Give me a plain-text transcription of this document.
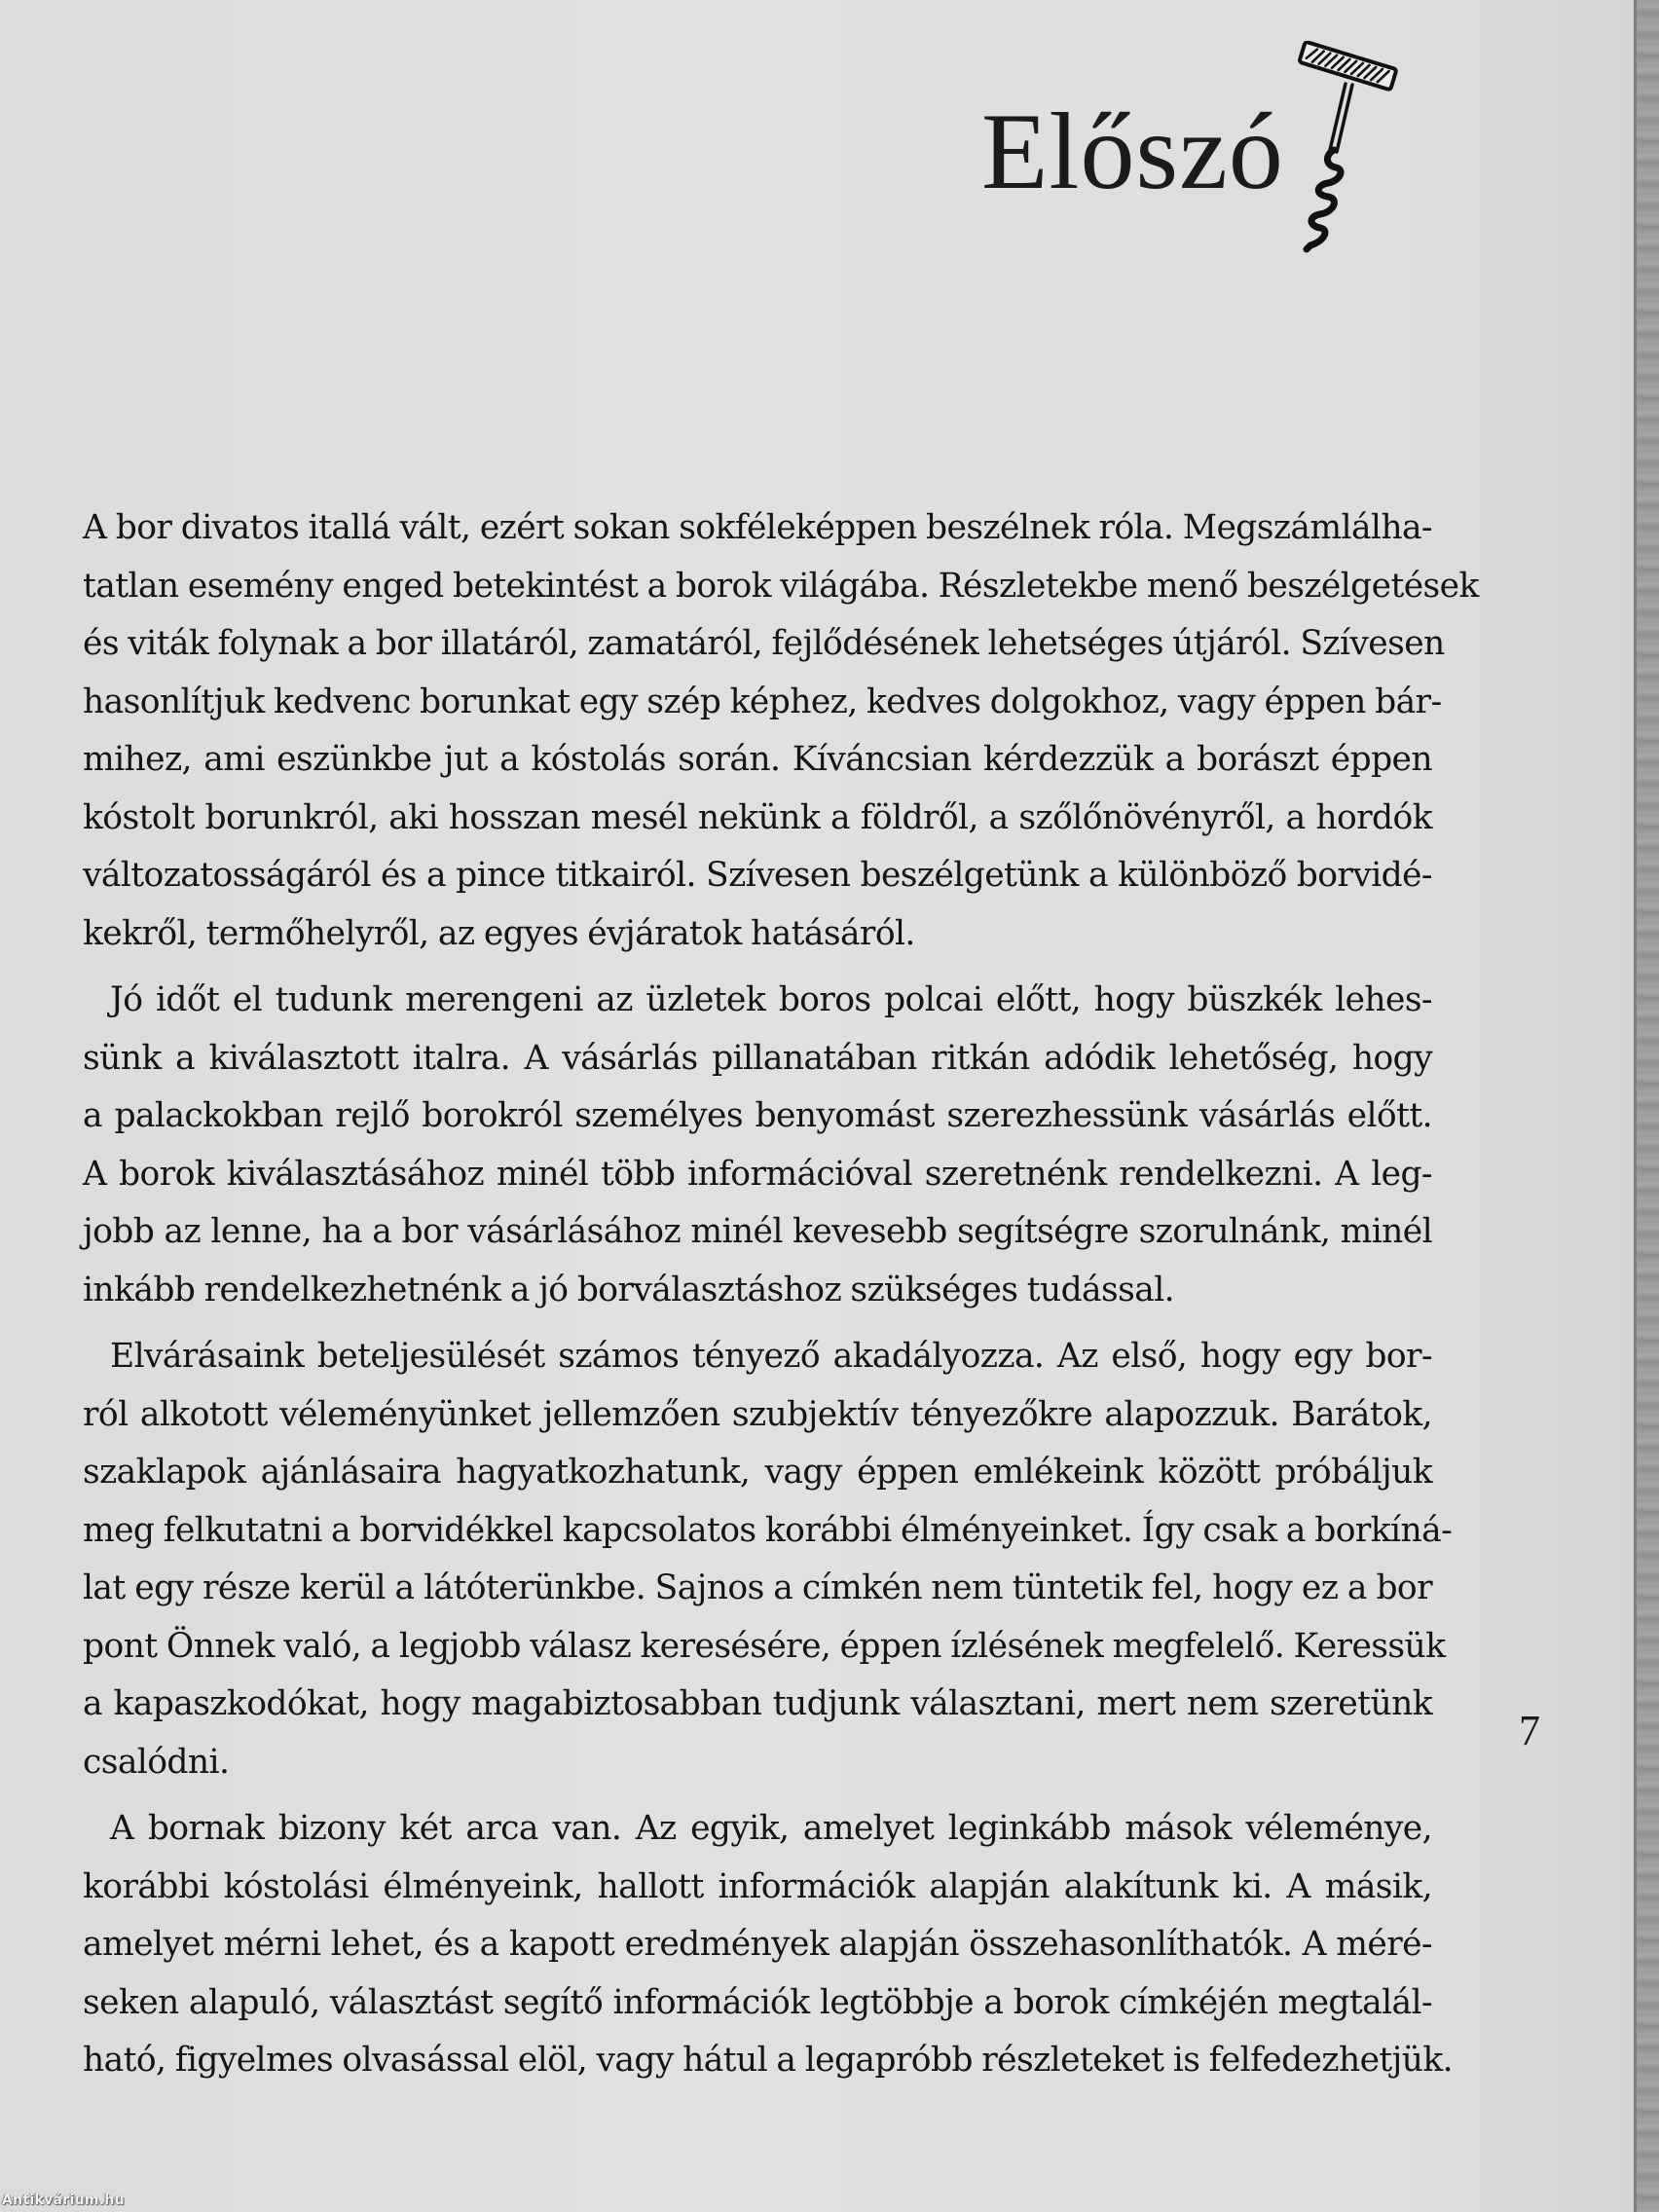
Előszó
A bor divatos itallá vált, ezért sokan sokféleképpen beszélnek róla. Megszámlálha-
tatlan esemény enged betekintést a borok világába. Részletekbe menő beszélgetések
és viták folynak a bor illatáról, zamatáról, fejlődésének lehetséges útjáról. Szívesen
hasonlítjuk kedvenc borunkat egy szép képhez, kedves dolgokhoz, vagy éppen bár-
mihez, ami eszünkbe jut a kóstolás során. Kíváncsian kérdezzük a borászt éppen
kóstolt borunkról, aki hosszan mesél nekünk a földről, a szőlőnövényről, a hordók
változatosságáról és a pince titkairól. Szívesen beszélgetünk a különböző borvidé-
kekről, termőhelyről, az egyes évjáratok hatásáról.
Jó időt el tudunk merengeni az üzletek boros polcai előtt, hogy büszkék lehes-
sünk a kiválasztott italra. A vásárlás pillanatában ritkán adódik lehetőség, hogy
a palackokban rejlő borokról személyes benyomást szerezhessünk vásárlás előtt.
A borok kiválasztásához minél több információval szeretnénk rendelkezni. A leg-
jobb az lenne, ha a bor vásárlásához minél kevesebb segítségre szorulnánk, minél
inkább rendelkezhetnénk a jó borválasztáshoz szükséges tudással.
Elvárásaink beteljesülését számos tényező akadályozza. Az első, hogy egy bor-
ról alkotott véleményünket jellemzően szubjektív tényezőkre alapozzuk. Barátok,
szaklapok ajánlásaira hagyatkozhatunk, vagy éppen emlékeink között próbáljuk
meg felkutatni a borvidékkel kapcsolatos korábbi élményeinket. Így csak a borkíná-
lat egy része kerül a látóterünkbe. Sajnos a címkén nem tüntetik fel, hogy ez a bor
pont Önnek való, a legjobb válasz keresésére, éppen ízlésének megfelelő. Keressük
a kapaszkodókat, hogy magabiztosabban tudjunk választani, mert nem szeretünk
csalódni.
A bornak bizony két arca van. Az egyik, amelyet leginkább mások véleménye,
korábbi kóstolási élményeink, hallott információk alapján alakítunk ki. A másik,
amelyet mérni lehet, és a kapott eredmények alapján összehasonlíthatók. A méré-
seken alapuló, választást segítő információk legtöbbje a borok címkéjén megtalál-
ható, figyelmes olvasással elöl, vagy hátul a legapróbb részleteket is felfedezhetjük.
7
Antikvárium.hu
